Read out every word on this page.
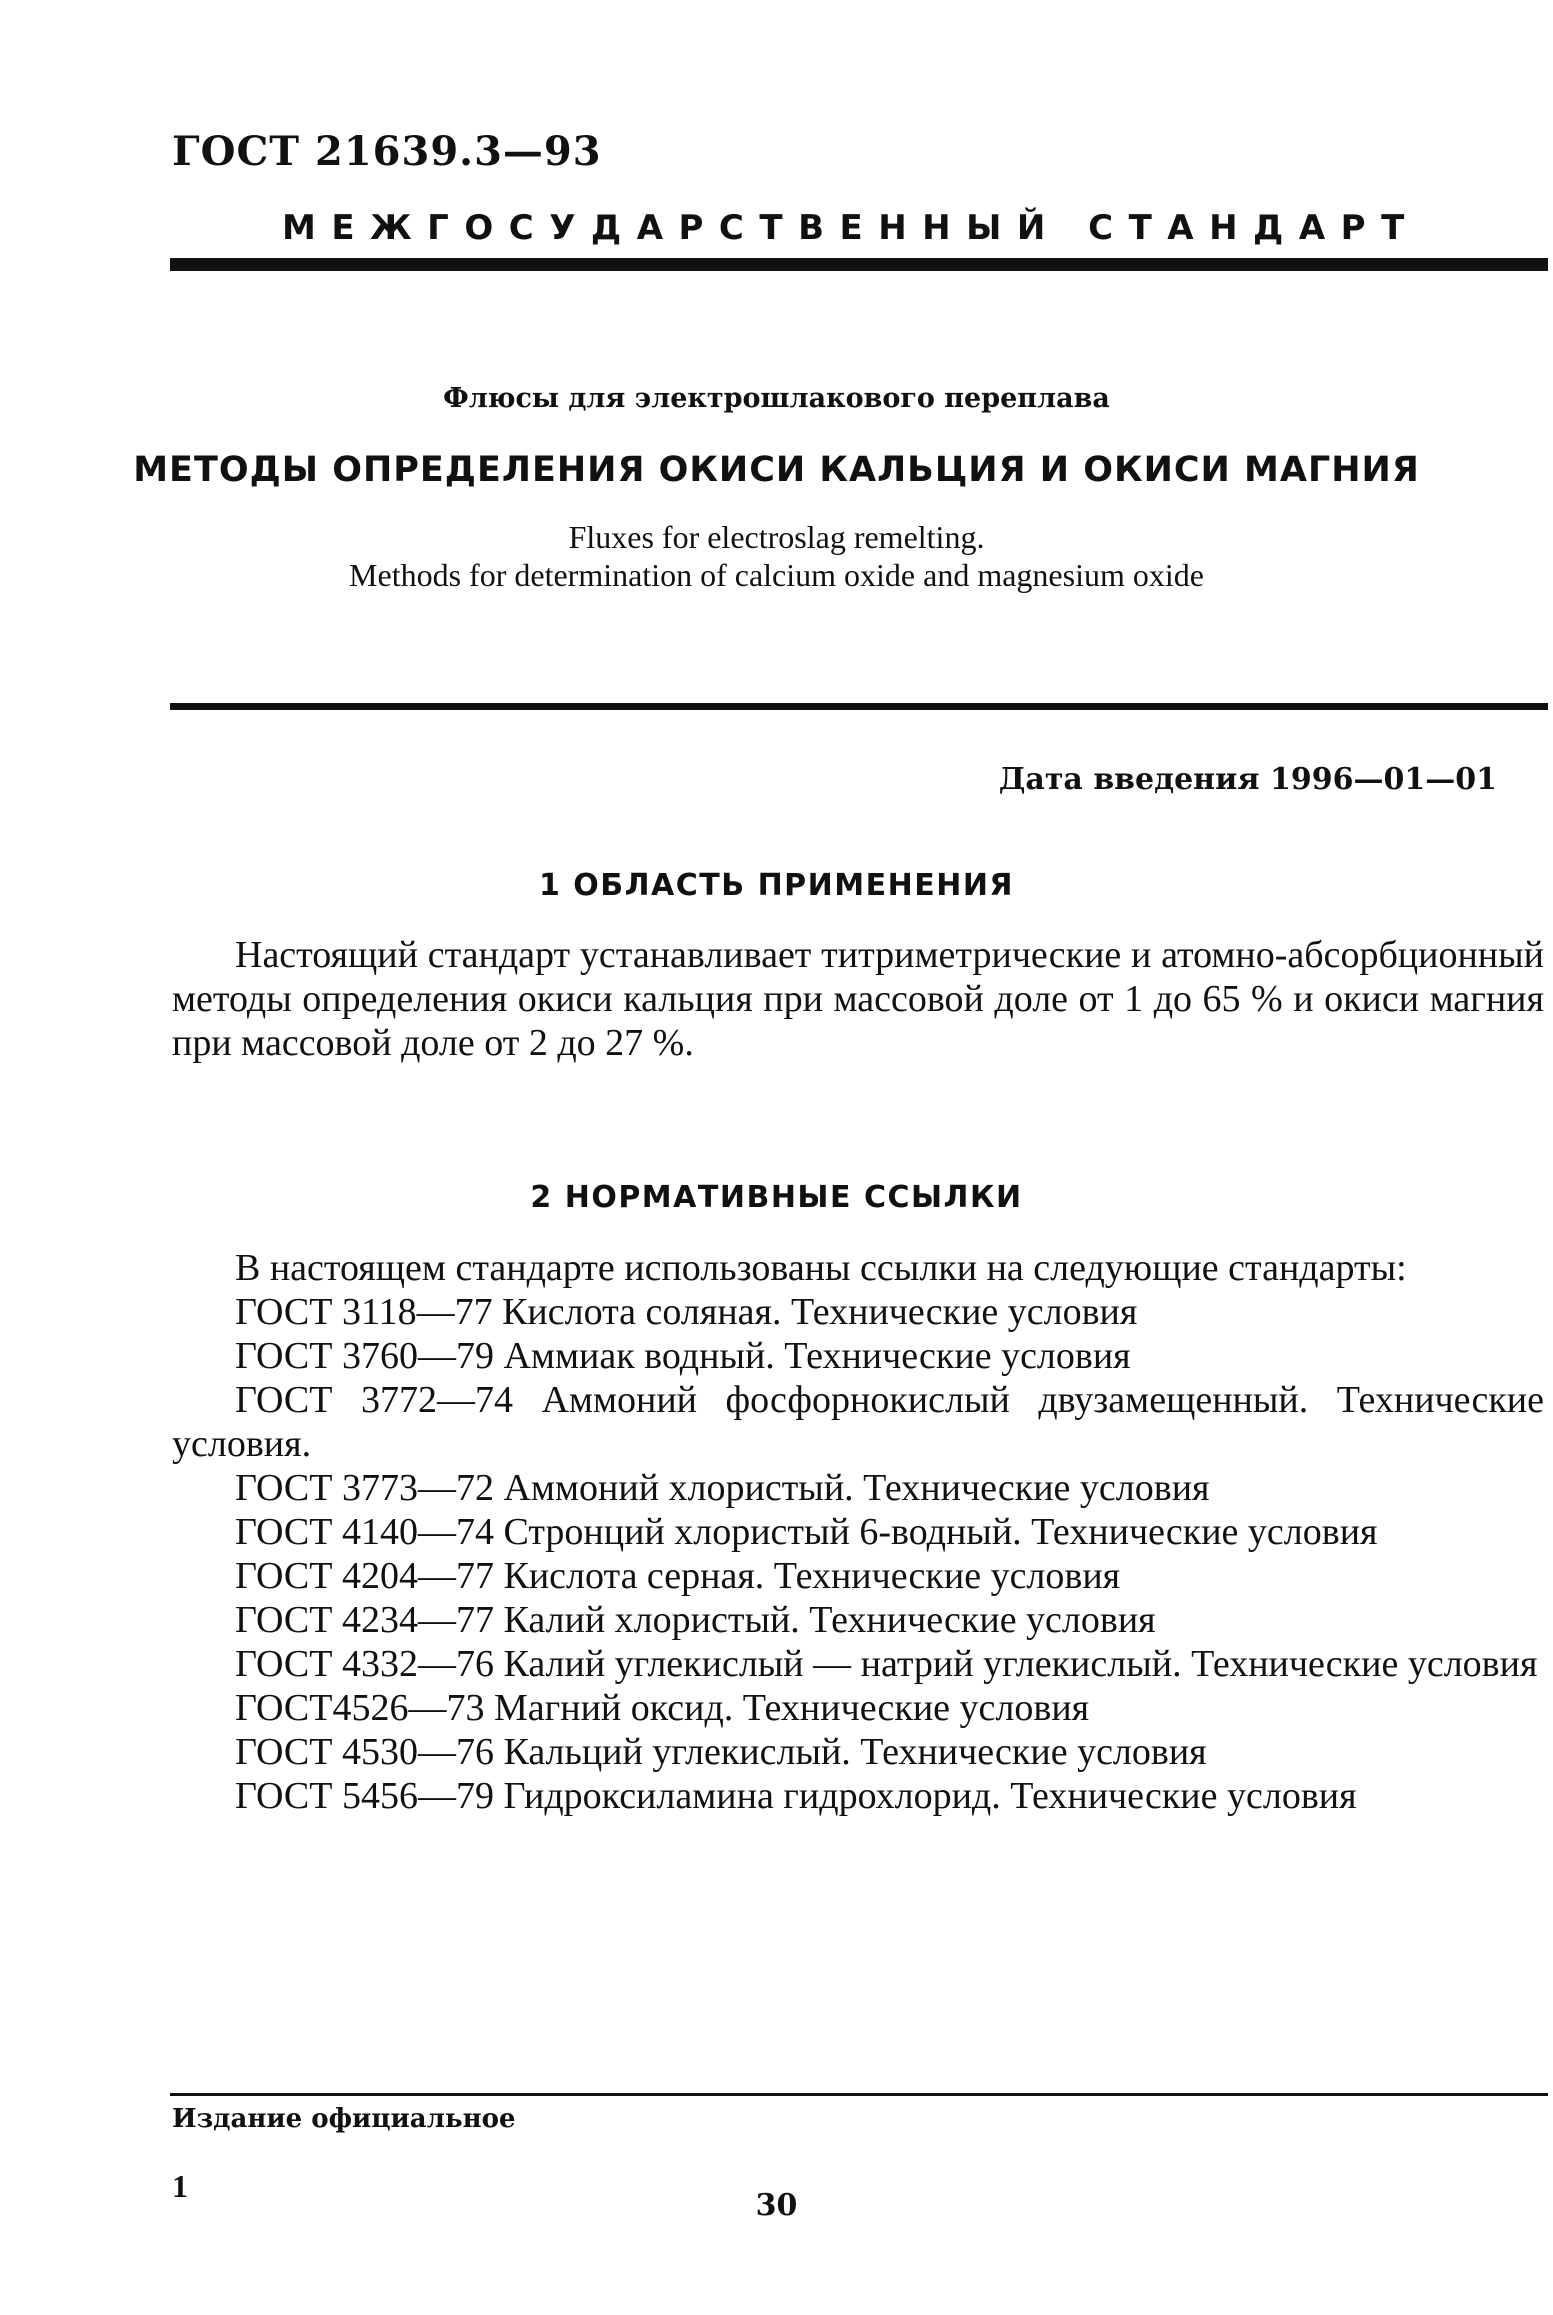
ГОСТ 21639.3—93
МЕЖГОСУДАРСТВЕННЫЙ СТАНДАРТ
Флюсы для электрошлакового переплава
МЕТОДЫ ОПРЕДЕЛЕНИЯ ОКИСИ КАЛЬЦИЯ И ОКИСИ МАГНИЯ
Fluxes for electroslag remelting.
Methods for determination of calcium oxide and magnesium oxide
Дата введения 1996—01—01
1 ОБЛАСТЬ ПРИМЕНЕНИЯ

Настоящий стандарт устанавливает титриметрические и атомно-абсорбционный методы определения окиси кальция при массовой доле от 1 до 65 % и окиси магния при массовой доле от 2 до 27 %.

2 НОРМАТИВНЫЕ ССЫЛКИ

В настоящем стандарте использованы ссылки на следующие стандарты:

ГОСТ 3118—77 Кислота соляная. Технические условия
ГОСТ 3760—79 Аммиак водный. Технические условия
ГОСТ 3772—74 Аммоний фосфорнокислый двузамещенный. Технические условия.
ГОСТ 3773—72 Аммоний хлористый. Технические условия
ГОСТ 4140—74 Стронций хлористый 6-водный. Технические условия
ГОСТ 4204—77 Кислота серная. Технические условия
ГОСТ 4234—77 Калий хлористый. Технические условия
ГОСТ 4332—76 Калий углекислый — натрий углекислый. Технические условия
ГОСТ4526—73 Магний оксид. Технические условия
ГОСТ 4530—76 Кальций углекислый. Технические условия
ГОСТ 5456—79 Гидроксиламина гидрохлорид. Технические условия
Издание официальное
1
30
